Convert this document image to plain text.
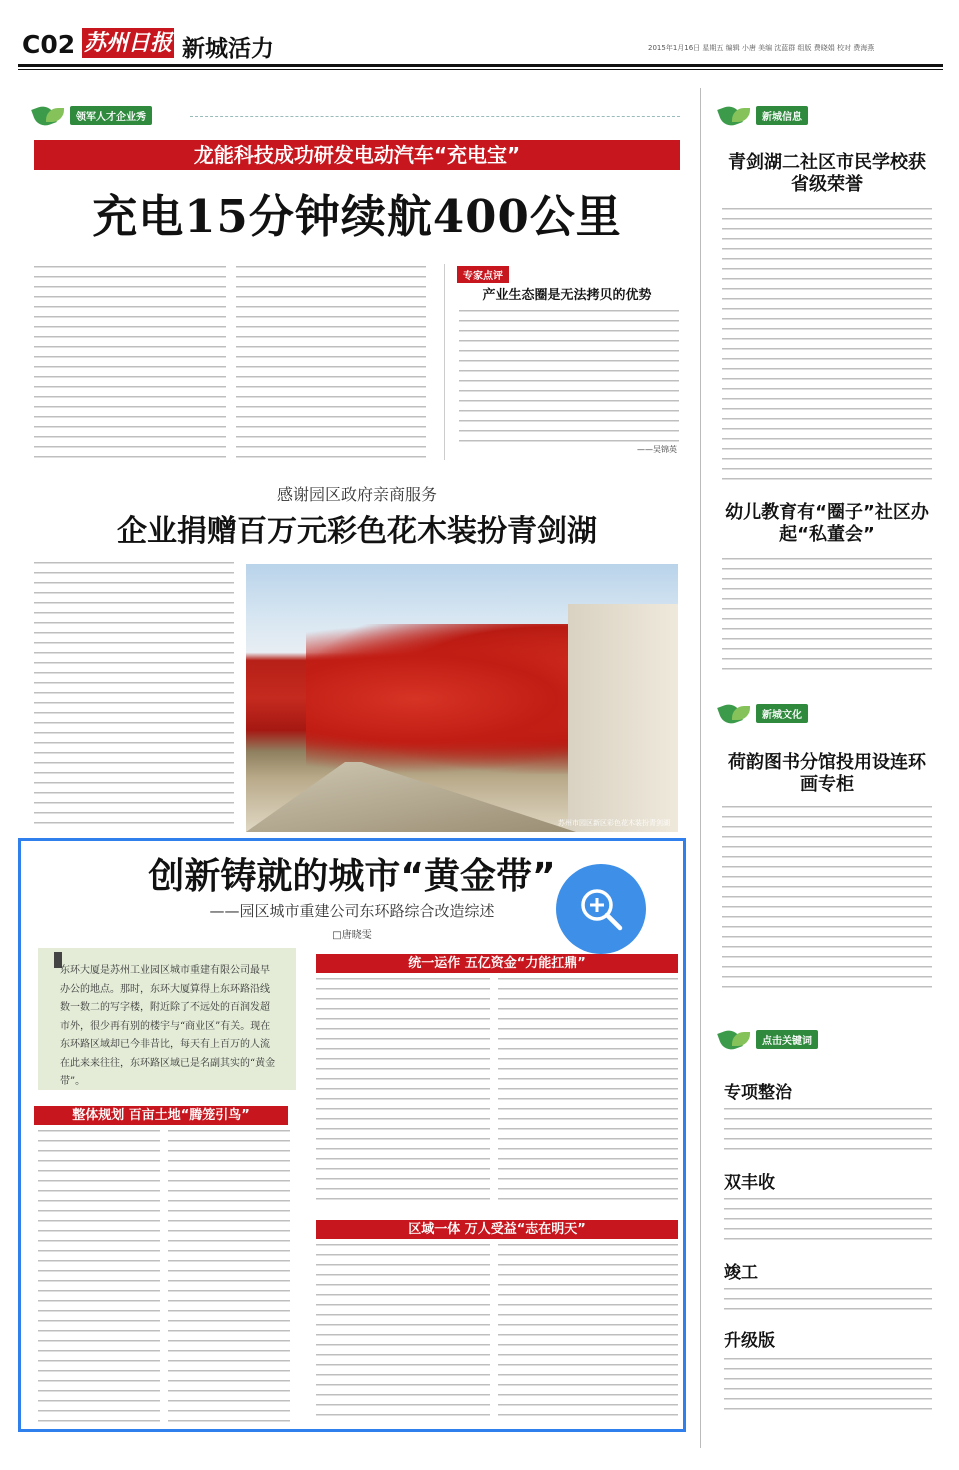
C02 苏州日报 新城活力	2015年1月16日 星期五 编辑 小唐 美编 沈蓝群 组版 费晓娟 校对 费海燕
领军人才企业秀
龙能科技成功研发电动汽车“充电宝”
充电15分钟续航400公里
专家点评
产业生态圈是无法拷贝的优势
——吴锦英
感谢园区政府亲商服务
企业捐赠百万元彩色花木装扮青剑湖
苏州市园区新区彩色花木装扮青剑湖
创新铸就的城市“黄金带”
——园区城市重建公司东环路综合改造综述
□唐晓雯
东环大厦是苏州工业园区城市重建有限公司最早办公的地点。那时，东环大厦算得上东环路沿线数一数二的写字楼，附近除了不远处的百润发超市外，很少再有别的楼宇与“商业区”有关。现在东环路区域却已今非昔比，每天有上百万的人流在此来来往往，东环路区域已是名副其实的“黄金带”。
统一运作 五亿资金“力能扛鼎”
整体规划 百亩土地“腾笼引鸟”
区域一体 万人受益“志在明天”
新城信息
青剑湖二社区市民学校获省级荣誉
幼儿教育有“圈子”社区办起“私董会”
新城文化
荷韵图书分馆投用设连环画专柜
点击关键词
专项整治
双丰收
竣工
升级版
